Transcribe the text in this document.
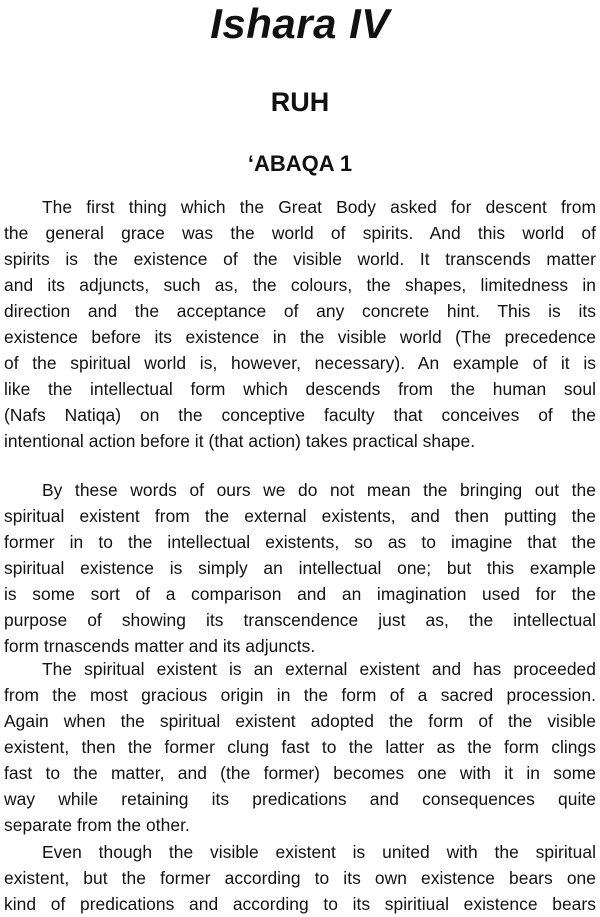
Ishara IV
RUH
‘ABAQA 1
The first thing which the Great Body asked for descent from
the general grace was the world of spirits. And this world of
spirits is the existence of the visible world. It transcends matter
and its adjuncts, such as, the colours, the shapes, limitedness in
direction and the acceptance of any concrete hint. This is its
existence before its existence in the visible world (The precedence
of the spiritual world is, however, necessary). An example of it is
like the intellectual form which descends from the human soul
(Nafs Natiqa) on the conceptive faculty that conceives of the
intentional action before it (that action) takes practical shape.
By these words of ours we do not mean the bringing out the
spiritual existent from the external existents, and then putting the
former in to the intellectual existents, so as to imagine that the
spiritual existence is simply an intellectual one; but this example
is some sort of a comparison and an imagination used for the
purpose of showing its transcendence just as, the intellectual
form trnascends matter and its adjuncts.
The spiritual existent is an external existent and has proceeded
from the most gracious origin in the form of a sacred procession.
Again when the spiritual existent adopted the form of the visible
existent, then the former clung fast to the latter as the form clings
fast to the matter, and (the former) becomes one with it in some
way while retaining its predications and consequences quite
separate from the other.
Even though the visible existent is united with the spiritual
existent, but the former according to its own existence bears one
kind of predications and according to its spiritiual existence bears
